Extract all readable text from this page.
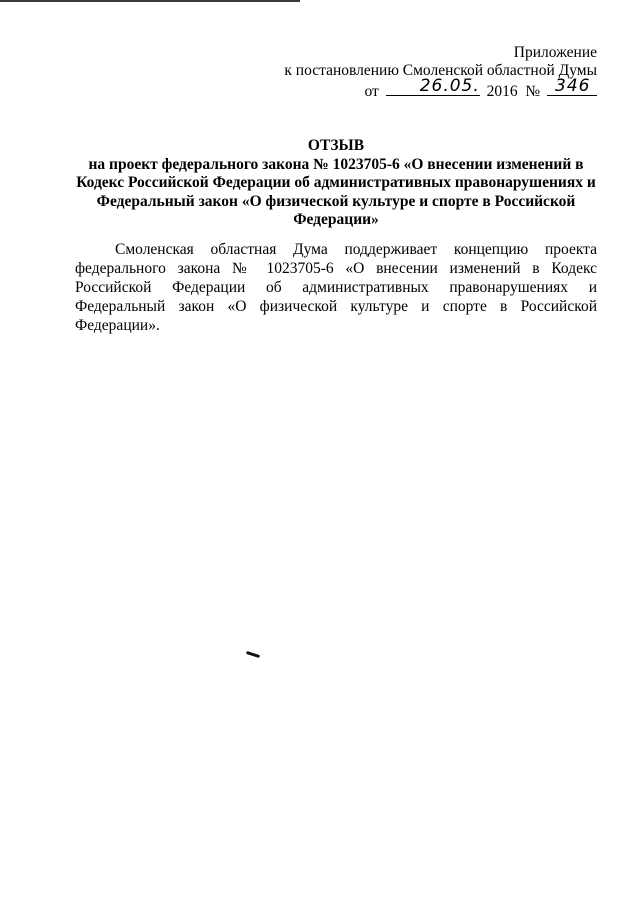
Приложение
к постановлению Смоленской областной Думы
от 26.05. 2016 № 346
ОТЗЫВ
на проект федерального закона № 1023705-6 «О внесении изменений в Кодекс Российской Федерации об административных правонарушениях и Федеральный закон «О физической культуре и спорте в Российской Федерации»

Смоленская областная Дума поддерживает концепцию проекта федерального закона № 1023705-6 «О внесении изменений в Кодекс Российской Федерации об административных правонарушениях и Федеральный закон «О физической культуре и спорте в Российской Федерации».
